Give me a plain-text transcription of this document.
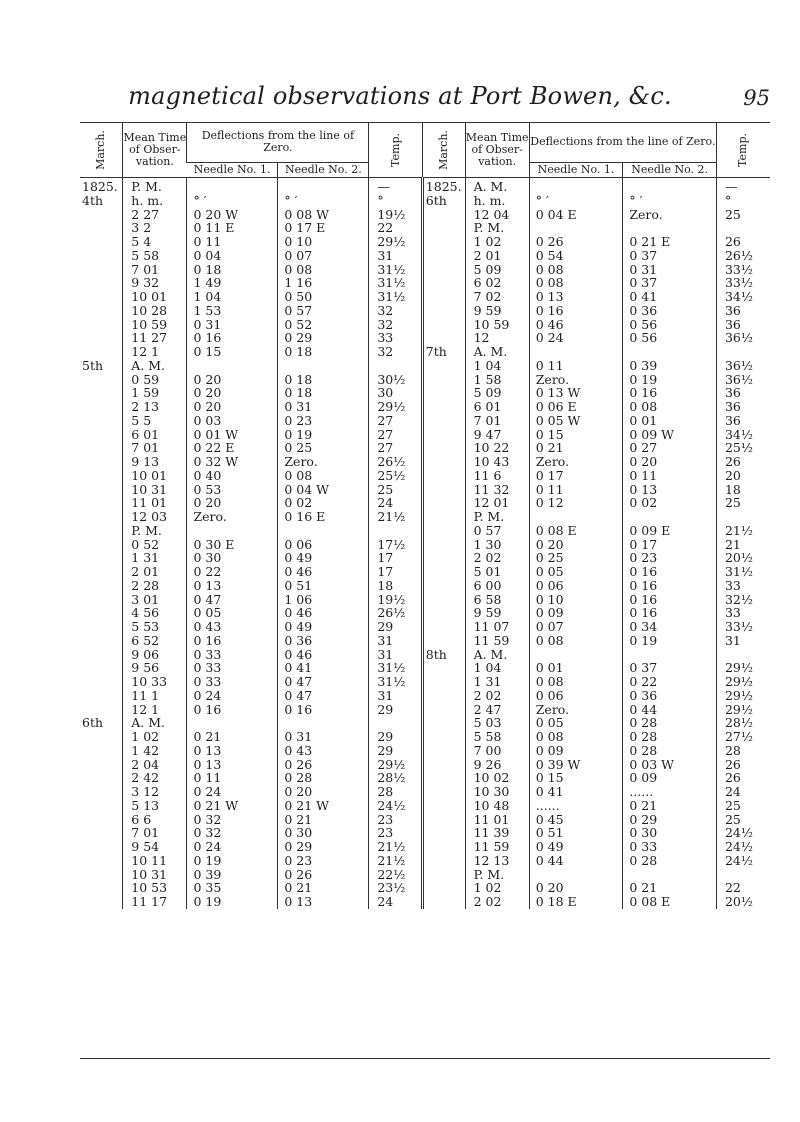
magnetical observations at Port Bowen, &c.	95
March.	Mean Time of Obser-vation.	Deflections from the line of Zero.		Temp.	March.	Mean Time of Obser-vation.	Deflections from the line of Zero.		Temp.
		Needle No. 1.	Needle No. 2.				Needle No. 1.	Needle No. 2.	
1825.	P. M.			—	1825.	A. M.			—
4th	h. m.	° ′	° ′	°	6th	h. m.	° ′	° ′	°
	2 27	0 20 W	0 08 W	19½		12 04	0 04 E	Zero.	25
	3 2	0 11 E	0 17 E	22		P. M.			
	5 4	0 11	0 10	29½		1 02	0 26	0 21 E	26
	5 58	0 04	0 07	31		2 01	0 54	0 37	26½
	7 01	0 18	0 08	31½		5 09	0 08	0 31	33½
	9 32	1 49	1 16	31½		6 02	0 08	0 37	33½
	10 01	1 04	0 50	31½		7 02	0 13	0 41	34½
	10 28	1 53	0 57	32		9 59	0 16	0 36	36
	10 59	0 31	0 52	32		10 59	0 46	0 56	36
	11 27	0 16	0 29	33		12	0 24	0 56	36½
	12 1	0 15	0 18	32	7th	A. M.			
5th	A. M.					1 04	0 11	0 39	36½
	0 59	0 20	0 18	30½		1 58	Zero.	0 19	36½
	1 59	0 20	0 18	30		5 09	0 13 W	0 16	36
	2 13	0 20	0 31	29½		6 01	0 06 E	0 08	36
	5 5	0 03	0 23	27		7 01	0 05 W	0 01	36
	6 01	0 01 W	0 19	27		9 47	0 15	0 09 W	34½
	7 01	0 22 E	0 25	27		10 22	0 21	0 27	25½
	9 13	0 32 W	Zero.	26½		10 43	Zero.	0 20	26
	10 01	0 40	0 08	25½		11 6	0 17	0 11	20
	10 31	0 53	0 04 W	25		11 32	0 11	0 13	18
	11 01	0 20	0 02	24		12 01	0 12	0 02	25
	12 03	Zero.	0 16 E	21½		P. M.			
	P. M.					0 57	0 08 E	0 09 E	21½
	0 52	0 30 E	0 06	17½		1 30	0 20	0 17	21
	1 31	0 30	0 49	17		2 02	0 25	0 23	20½
	2 01	0 22	0 46	17		5 01	0 05	0 16	31½
	2 28	0 13	0 51	18		6 00	0 06	0 16	33
	3 01	0 47	1 06	19½		6 58	0 10	0 16	32½
	4 56	0 05	0 46	26½		9 59	0 09	0 16	33
	5 53	0 43	0 49	29		11 07	0 07	0 34	33½
	6 52	0 16	0 36	31		11 59	0 08	0 19	31
	9 06	0 33	0 46	31	8th	A. M.			
	9 56	0 33	0 41	31½		1 04	0 01	0 37	29½
	10 33	0 33	0 47	31½		1 31	0 08	0 22	29½
	11 1	0 24	0 47	31		2 02	0 06	0 36	29½
	12 1	0 16	0 16	29		2 47	Zero.	0 44	29½
6th	A. M.					5 03	0 05	0 28	28½
	1 02	0 21	0 31	29		5 58	0 08	0 28	27½
	1 42	0 13	0 43	29		7 00	0 09	0 28	28
	2 04	0 13	0 26	29½		9 26	0 39 W	0 03 W	26
	2 42	0 11	0 28	28½		10 02	0 15	0 09	26
	3 12	0 24	0 20	28		10 30	0 41	......	24
	5 13	0 21 W	0 21 W	24½		10 48	......	0 21	25
	6 6	0 32	0 21	23		11 01	0 45	0 29	25
	7 01	0 32	0 30	23		11 39	0 51	0 30	24½
	9 54	0 24	0 29	21½		11 59	0 49	0 33	24½
	10 11	0 19	0 23	21½		12 13	0 44	0 28	24½
	10 31	0 39	0 26	22½		P. M.			
	10 53	0 35	0 21	23½		1 02	0 20	0 21	22
	11 17	0 19	0 13	24		2 02	0 18 E	0 08 E	20½
